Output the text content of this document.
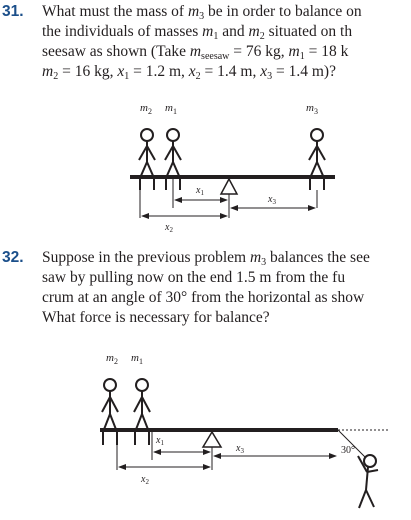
31. What must the mass of $m_3$ be in order to balance on
the individuals of masses $m_1$ and $m_2$ situated on th
seesaw as shown (Take $m_{seesaw} = 76$ kg, $m_1 = 18$ k
$m_2 = 16$ kg, $x_1 = 1.2$ m, $x_2 = 1.4$ m, $x_3 = 1.4$ m)?
$m_2$ $m_1$	$m_3$
$x_1$
$x_3$
$x_2$
32. Suppose in the previous problem $m_3$ balances the see
saw by pulling now on the end 1.5 m from the fu
crum at an angle of 30° from the horizontal as show
What force is necessary for balance?
$m_2$ $m_1$
30°
$x_1$	$x_3$
$x_2$
